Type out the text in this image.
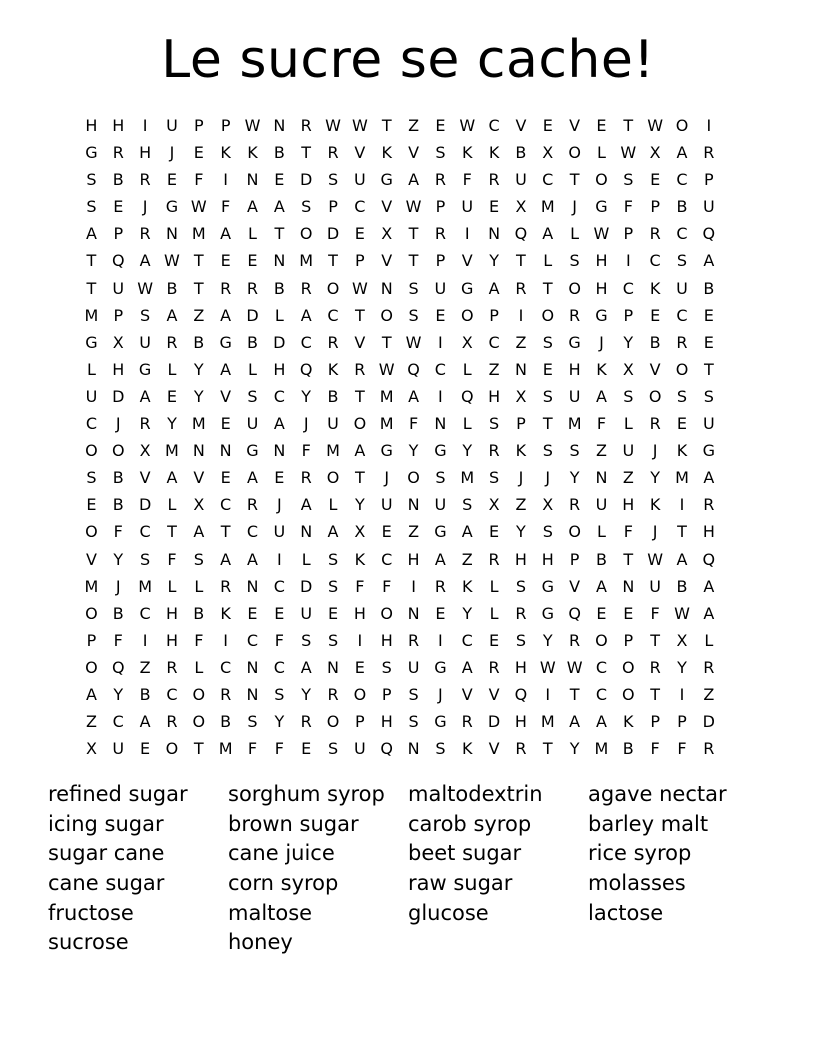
Le sucre se cache!
H H	I	U	P	P W N R W W T	Z	E W C V	E	V	E	T W O	I
G R H	J	E	K	K	B	T	R V	K	V	S	K	K	B X O	L W X A R
S	B R	E	F	I	N E D S U G A R	F	R U C	T O S	E	C	P
S	E	J	G W F	A A	S	P	C V W P	U E	X M	J	G	F	P	B U
A	P	R N M A	L	T O D E	X	T	R	I	N Q A	L W P	R C Q
T Q A W T	E	E N M T	P	V	T	P	V	Y	T	L	S H	I	C	S	A
T	U W B	T	R R B R O W N S U G A R	T O H C	K U B
M P	S	A Z A D	L	A C	T O S	E O P	I	O R G P	E	C	E
G X U R B G B D C R V	T W	I	X C Z	S G	J	Y	B R	E
L	H G	L	Y	A	L	H Q K	R W Q C	L	Z N E H K	X V O T
U D A	E	Y	V	S	C	Y	B	T M A	I	Q H X	S U A	S O S	S
C	J	R	Y M E U A	J	U O M F	N	L	S	P	T M F	L	R	E U
O O X M N N G N	F M A G Y G Y	R	K	S	S	Z U	J	K G
S	B V A V	E	A	E	R O T	J	O S M S	J	J	Y N Z	Y M A
E	B D	L	X C R	J	A	L	Y	U N U S	X Z X R U H K	I	R
O F	C	T	A	T	C U N A X	E	Z G A	E	Y	S O	L	F	J	T H
V	Y	S	F	S	A A	I	L	S	K	C H A Z R H H	P	B	T W A Q
M	J	M L	L	R N C D S	F	F	I	R	K	L	S G V A N U B A
O B C H B	K	E	E U E H O N E	Y	L	R G Q E	E	F W A
P	F	I	H	F	I	C	F	S	S	I	H R	I	C	E	S	Y	R O P	T	X	L
O Q Z R	L	C N C A N E	S U G A R H W W C O R	Y	R
A	Y	B C O R N S	Y	R O P	S	J	V V Q	I	T	C O T	I	Z
Z C A R O B	S	Y	R O P	H S G R D H M A A	K	P	P D
X U E O T M F	F	E	S U Q N S	K	V R	T	Y M B	F	F	R
refined sugar
icing sugar
sugar cane
cane sugar
fructose
sucrose
sorghum syrop
brown sugar
cane juice
corn syrop
maltose
honey
maltodextrin
carob syrop
beet sugar
raw sugar
glucose
agave nectar
barley malt
rice syrop
molasses
lactose
